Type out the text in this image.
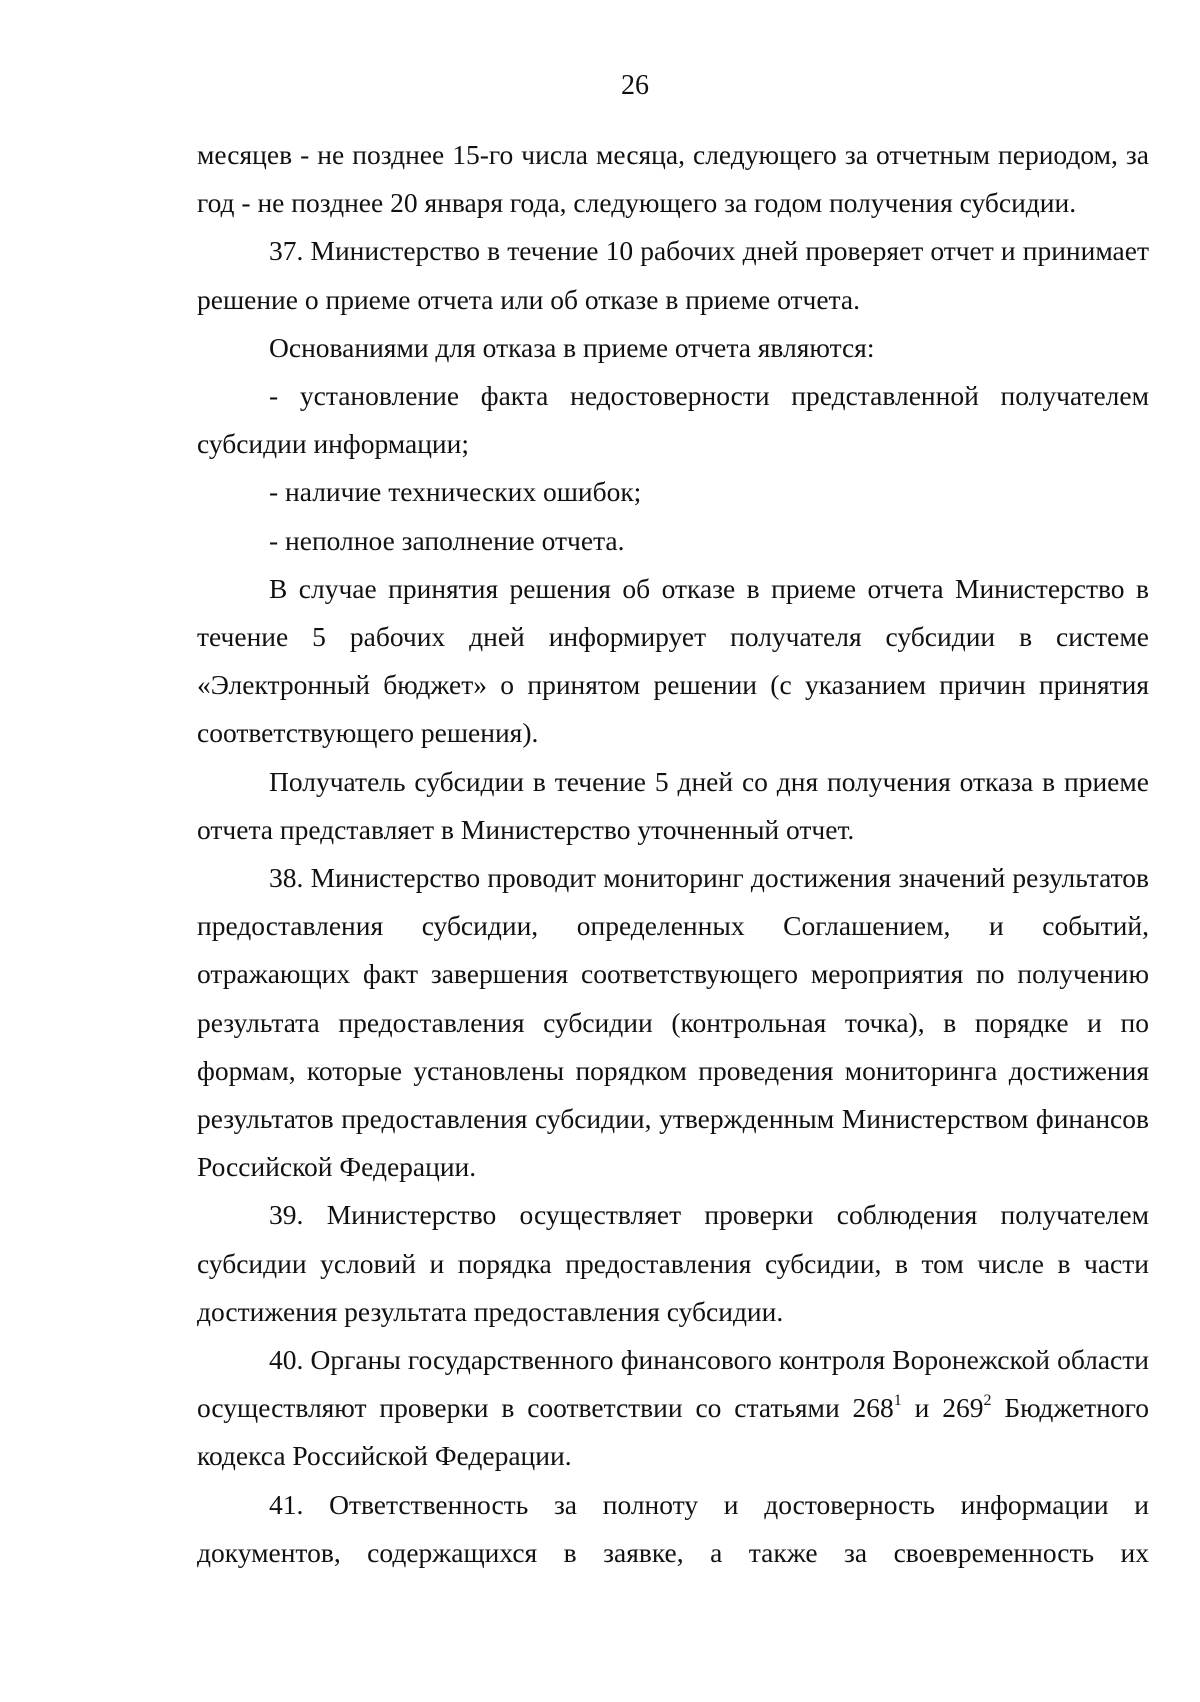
26

месяцев - не позднее 15-го числа месяца, следующего за отчетным периодом, за год - не позднее 20 января года, следующего за годом получения субсидии.

37. Министерство в течение 10 рабочих дней проверяет отчет и принимает решение о приеме отчета или об отказе в приеме отчета.

Основаниями для отказа в приеме отчета являются:

- установление факта недостоверности представленной получателем субсидии информации;

- наличие технических ошибок;

- неполное заполнение отчета.

В случае принятия решения об отказе в приеме отчета Министерство в течение 5 рабочих дней информирует получателя субсидии в системе «Электронный бюджет» о принятом решении (с указанием причин принятия соответствующего решения).

Получатель субсидии в течение 5 дней со дня получения отказа в приеме отчета представляет в Министерство уточненный отчет.

38. Министерство проводит мониторинг достижения значений результатов предоставления субсидии, определенных Соглашением, и событий, отражающих факт завершения соответствующего мероприятия по получению результата предоставления субсидии (контрольная точка), в порядке и по формам, которые установлены порядком проведения мониторинга достижения результатов предоставления субсидии, утвержденным Министерством финансов Российской Федерации.

39. Министерство осуществляет проверки соблюдения получателем субсидии условий и порядка предоставления субсидии, в том числе в части достижения результата предоставления субсидии.

40. Органы государственного финансового контроля Воронежской области осуществляют проверки в соответствии со статьями $268^1$ и $269^2$ Бюджетного кодекса Российской Федерации.

41. Ответственность за полноту и достоверность информации и документов, содержащихся в заявке, а также за своевременность их
